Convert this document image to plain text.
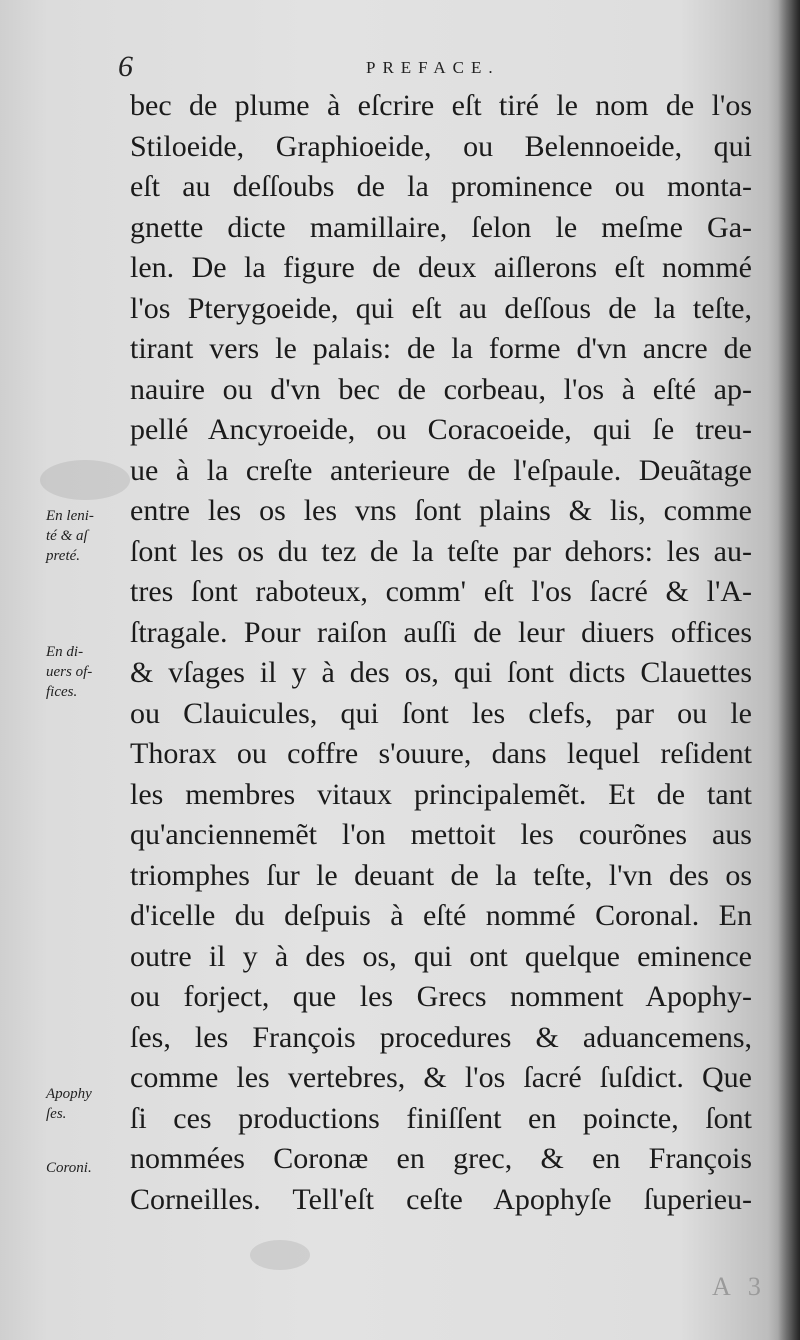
6	PREFACE.
bec de plume à eſcrire eſt tiré le nom de l'os
Stiloeide, Graphioeide, ou Belennoeide, qui
eſt au deſſoubs de la prominence ou monta-
gnette dicte mamillaire, ſelon le meſme Ga-
len. De la figure de deux aiſlerons eſt nommé
l'os Pterygoeide, qui eſt au deſſous de la teſte,
tirant vers le palais: de la forme d'vn ancre de
nauire ou d'vn bec de corbeau, l'os à eſté ap-
pellé Ancyroeide, ou Coracoeide, qui ſe treu-
ue à la creſte anterieure de l'eſpaule. Deuãtage
entre les os les vns ſont plains & lis, comme
ſont les os du tez de la teſte par dehors: les au-
tres ſont raboteux, comm' eſt l'os ſacré & l'A-
ſtragale. Pour raiſon auſſi de leur diuers offices
& vſages il y à des os, qui ſont dicts Clauettes
ou Clauicules, qui ſont les clefs, par ou le
Thorax ou coffre s'ouure, dans lequel reſident
les membres vitaux principalemẽt. Et de tant
qu'anciennemẽt l'on mettoit les courõnes aus
triomphes ſur le deuant de la teſte, l'vn des os
d'icelle du deſpuis à eſté nommé Coronal. En
outre il y à des os, qui ont quelque eminence
ou forject, que les Grecs nomment Apophy-
ſes, les François procedures & aduancemens,
comme les vertebres, & l'os ſacré ſuſdict. Que
ſi ces productions finiſſent en poincte, ſont
nommées Coronæ en grec, & en François
Corneilles. Tell'eſt ceſte Apophyſe ſuperieu-
En leni-
té & aſ
preté.
En di-
uers of-
fices.
Apophy
ſes.
Coroni.
A 3
